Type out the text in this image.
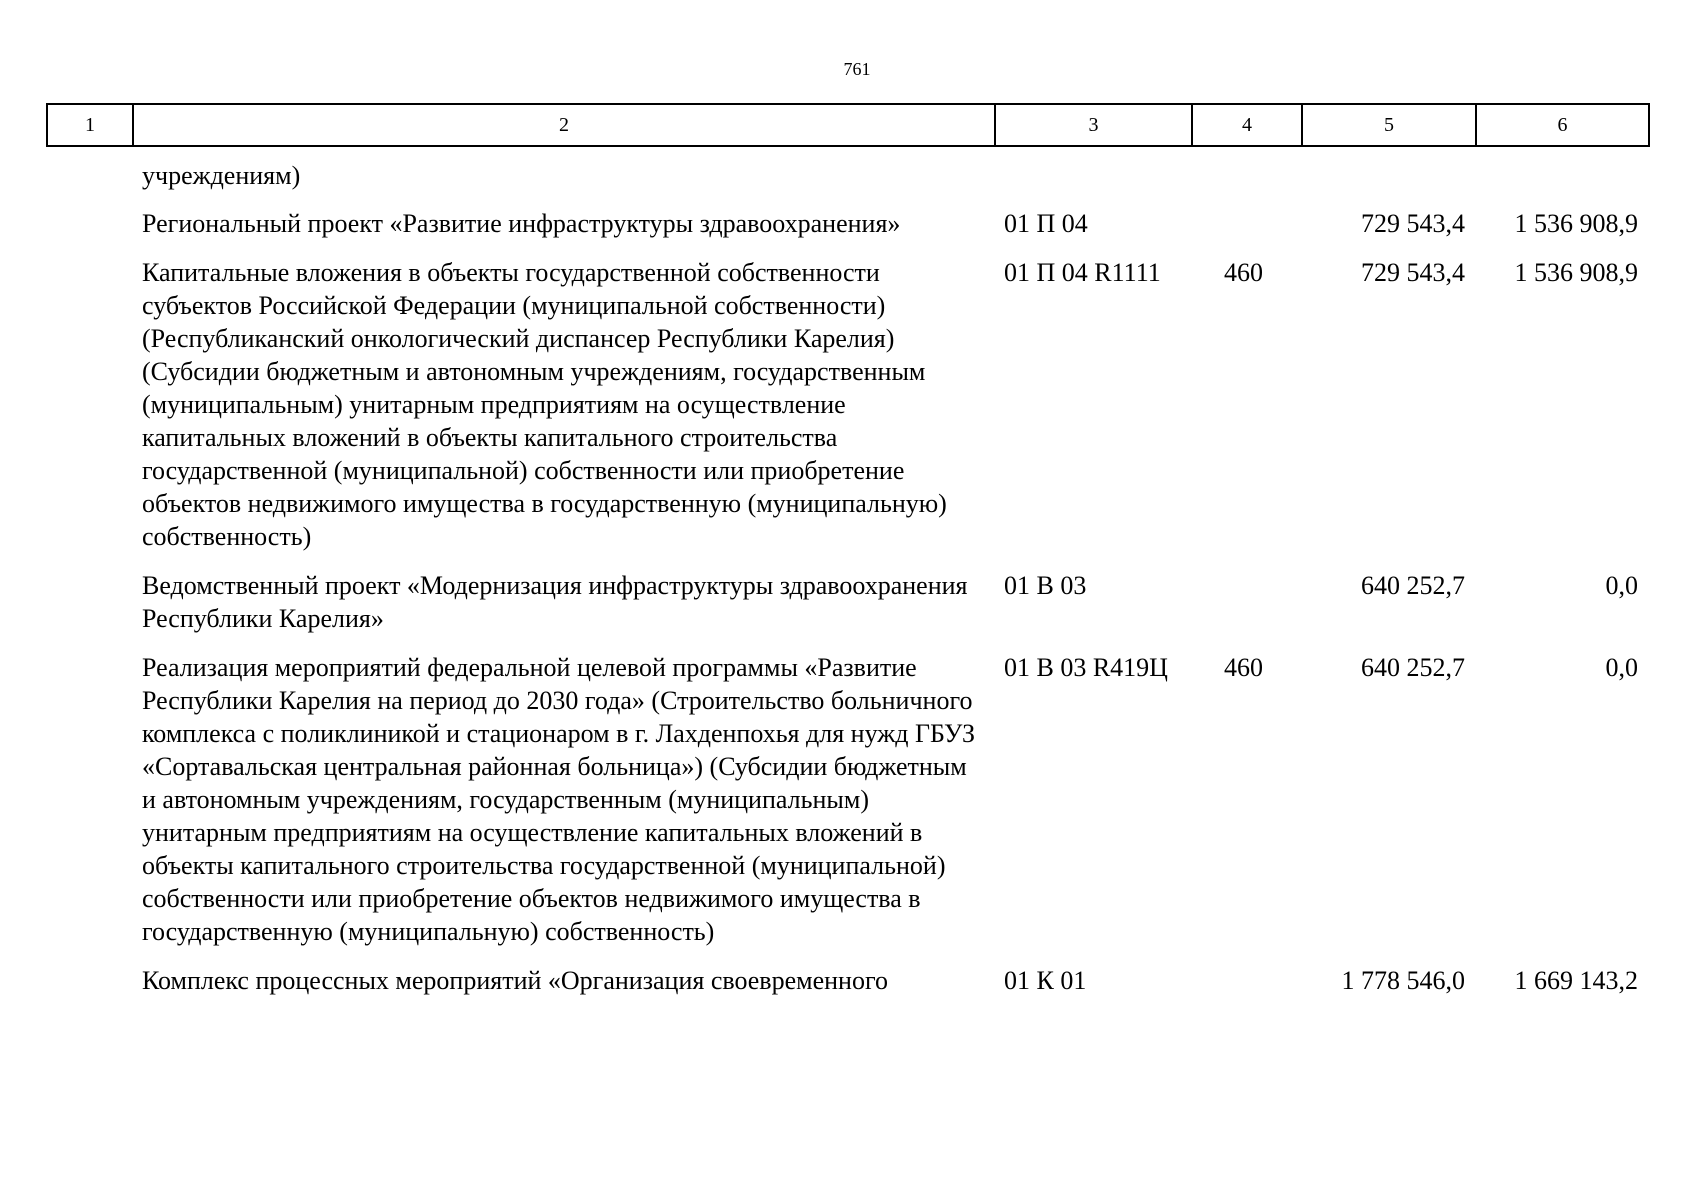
761
1	2	3	4	5	6
учреждениям)
Региональный проект «Развитие инфраструктуры здравоохранения»	01 П 04		729 543,4	1 536 908,9
Капитальные вложения в объекты государственной собственности субъектов Российской Федерации (муниципальной собственности) (Республиканский онкологический диспансер Республики Карелия) (Субсидии бюджетным и автономным учреждениям, государственным (муниципальным) унитарным предприятиям на осуществление капитальных вложений в объекты капитального строительства государственной (муниципальной) собственности или приобретение объектов недвижимого имущества в государственную (муниципальную) собственность)	01 П 04 R1111	460	729 543,4	1 536 908,9
Ведомственный проект «Модернизация инфраструктуры здравоохранения Республики Карелия»	01 В 03		640 252,7	0,0
Реализация мероприятий федеральной целевой программы «Развитие Республики Карелия на период до 2030 года» (Строительство больничного комплекса с поликлиникой и стационаром в г. Лахденпохья для нужд ГБУЗ «Сортавальская центральная районная больница») (Субсидии бюджетным и автономным учреждениям, государственным (муниципальным) унитарным предприятиям на осуществление капитальных вложений в объекты капитального строительства государственной (муниципальной) собственности или приобретение объектов недвижимого имущества в государственную (муниципальную) собственность)	01 В 03 R419Ц	460	640 252,7	0,0
Комплекс процессных мероприятий «Организация своевременного	01 К 01		1 778 546,0	1 669 143,2
